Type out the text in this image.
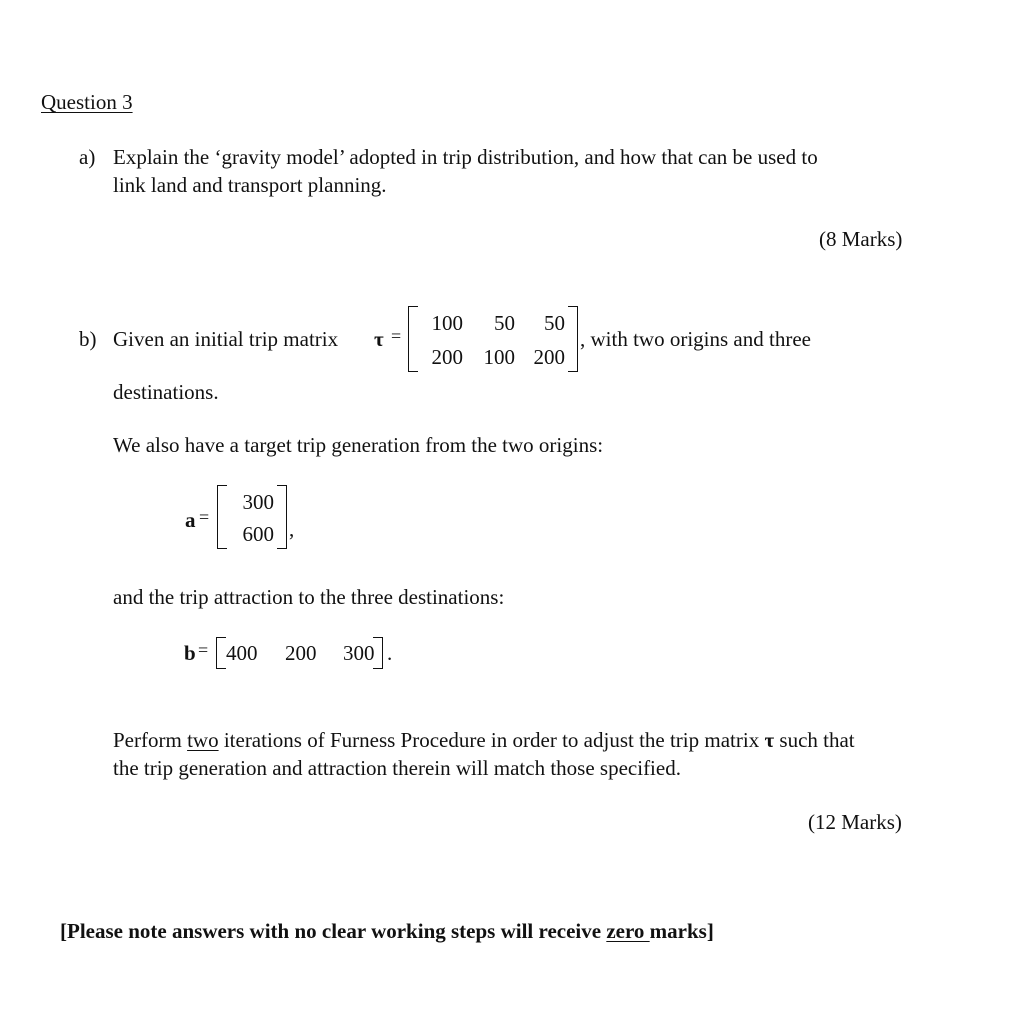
Question 3
a) Explain the ‘gravity model’ adopted in trip distribution, and how that can be used to
link land and transport planning.
(8 Marks)
b) Given an initial trip matrix τ =
100 50 50
200 100 200
, with two origins and three
destinations.
We also have a target trip generation from the two origins:
a =
300
600 ,
and the trip attraction to the three destinations:
b = 400 200 300 .
Perform two iterations of Furness Procedure in order to adjust the trip matrix τ such that
the trip generation and attraction therein will match those specified.
(12 Marks)
[Please note answers with no clear working steps will receive zero marks]
